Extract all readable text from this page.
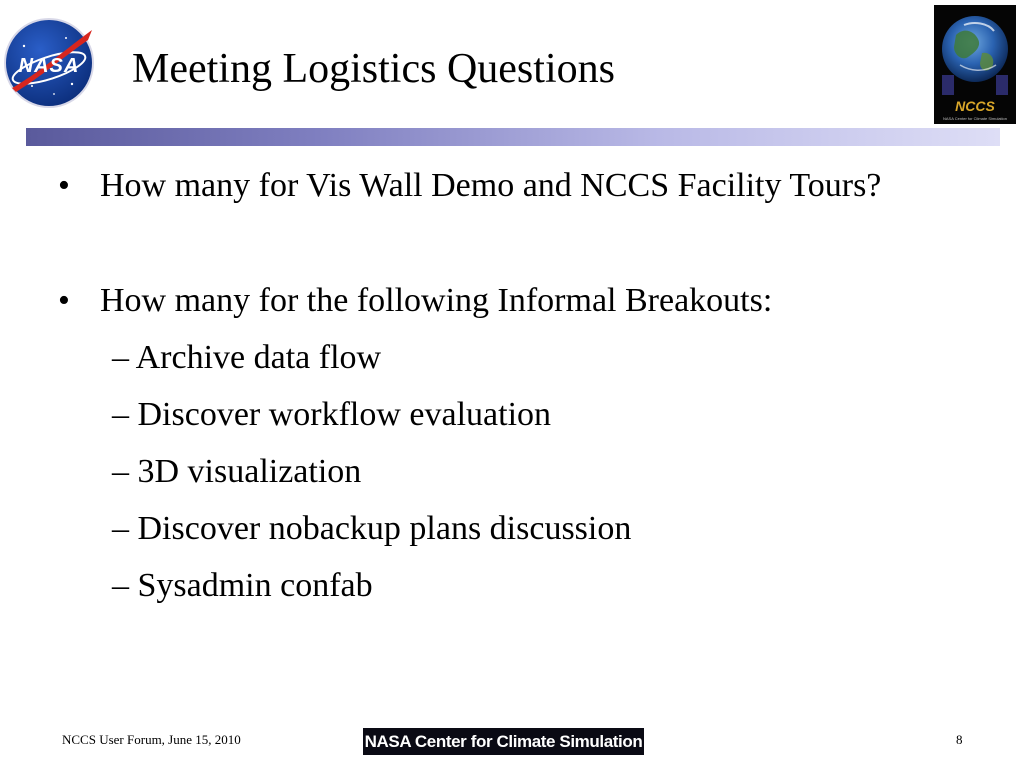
NASA Meeting Logistics Questions
NCCS
NASA Center for Climate Simulation
• How many for Vis Wall Demo and NCCS Facility Tours?
• How many for the following Informal Breakouts:
– Archive data flow
– Discover workflow evaluation
– 3D visualization
– Discover nobackup plans discussion
– Sysadmin confab
NCCS User Forum, June 15, 2010	NASA Center for Climate Simulation	8
